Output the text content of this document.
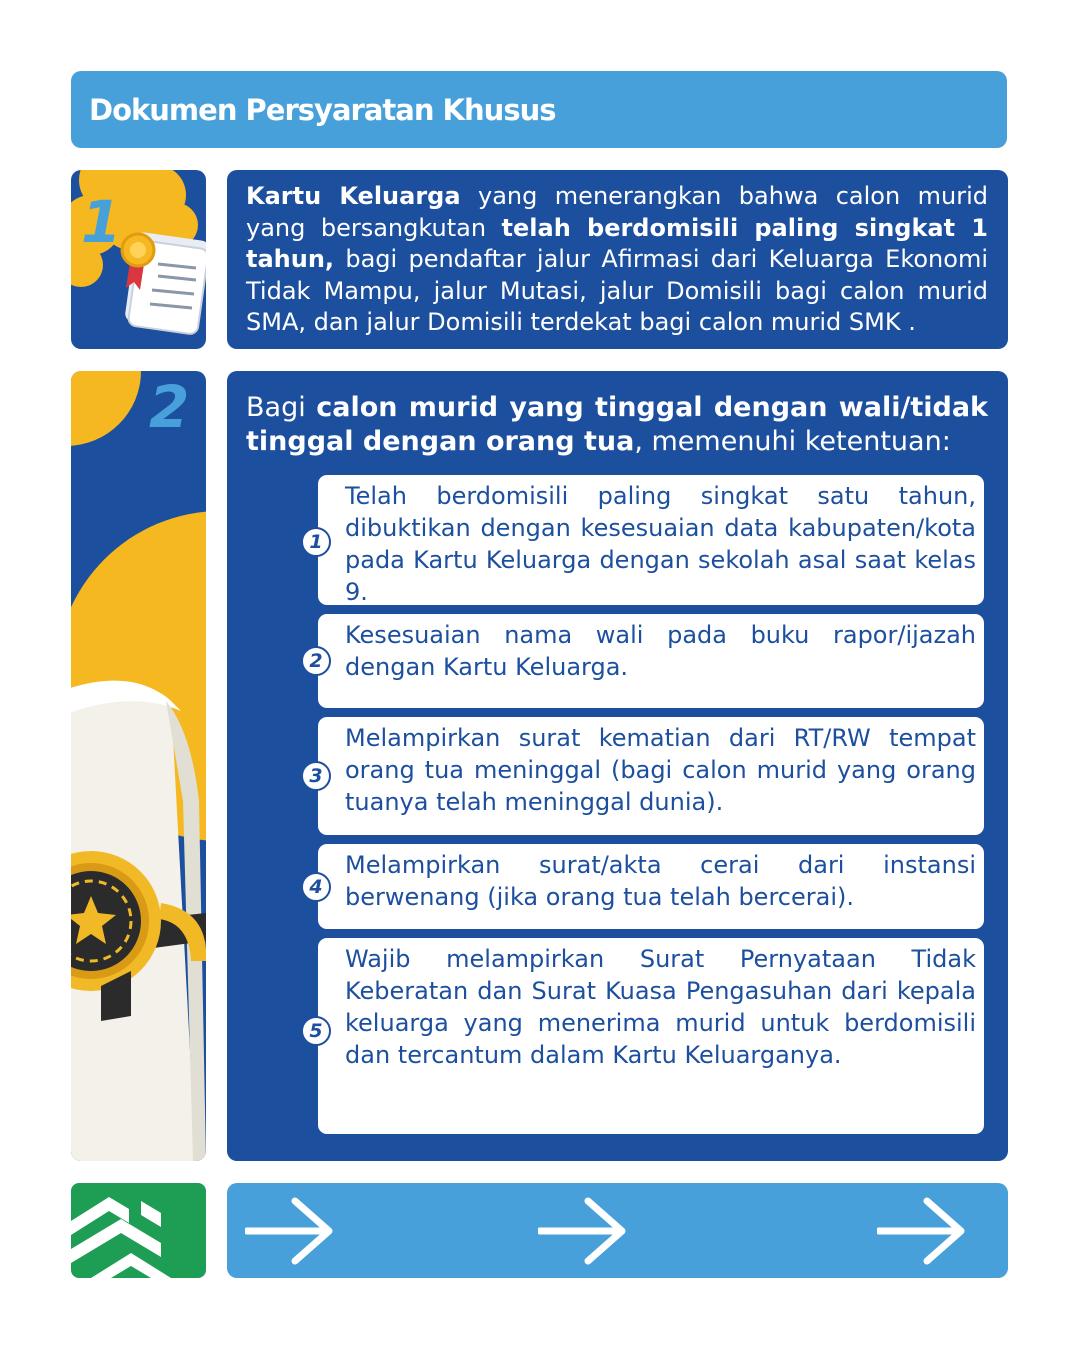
Dokumen Persyaratan Khusus
1	Kartu Keluarga yang menerangkan bahwa calon murid yang bersangkutan telah berdomisili paling singkat 1 tahun, bagi pendaftar jalur Afirmasi dari Keluarga Ekonomi Tidak Mampu, jalur Mutasi, jalur Domisili bagi calon murid SMA, dan jalur Domisili terdekat bagi calon murid SMK .

2 Bagi calon murid yang tinggal dengan wali/tidak tinggal dengan orang tua, memenuhi ketentuan:

1

Telah berdomisili paling singkat satu tahun, dibuktikan dengan kesesuaian data kabupaten/kota pada Kartu Keluarga dengan sekolah asal saat kelas 9.

2

Kesesuaian nama wali pada buku rapor/ijazah dengan Kartu Keluarga.

3

Melampirkan surat kematian dari RT/RW tempat orang tua meninggal (bagi calon murid yang orang tuanya telah meninggal dunia).

4

Melampirkan surat/akta cerai dari instansi berwenang (jika orang tua telah bercerai).

5

Wajib melampirkan Surat Pernyataan Tidak Keberatan dan Surat Kuasa Pengasuhan dari kepala keluarga yang menerima murid untuk berdomisili dan tercantum dalam Kartu Keluarganya.
